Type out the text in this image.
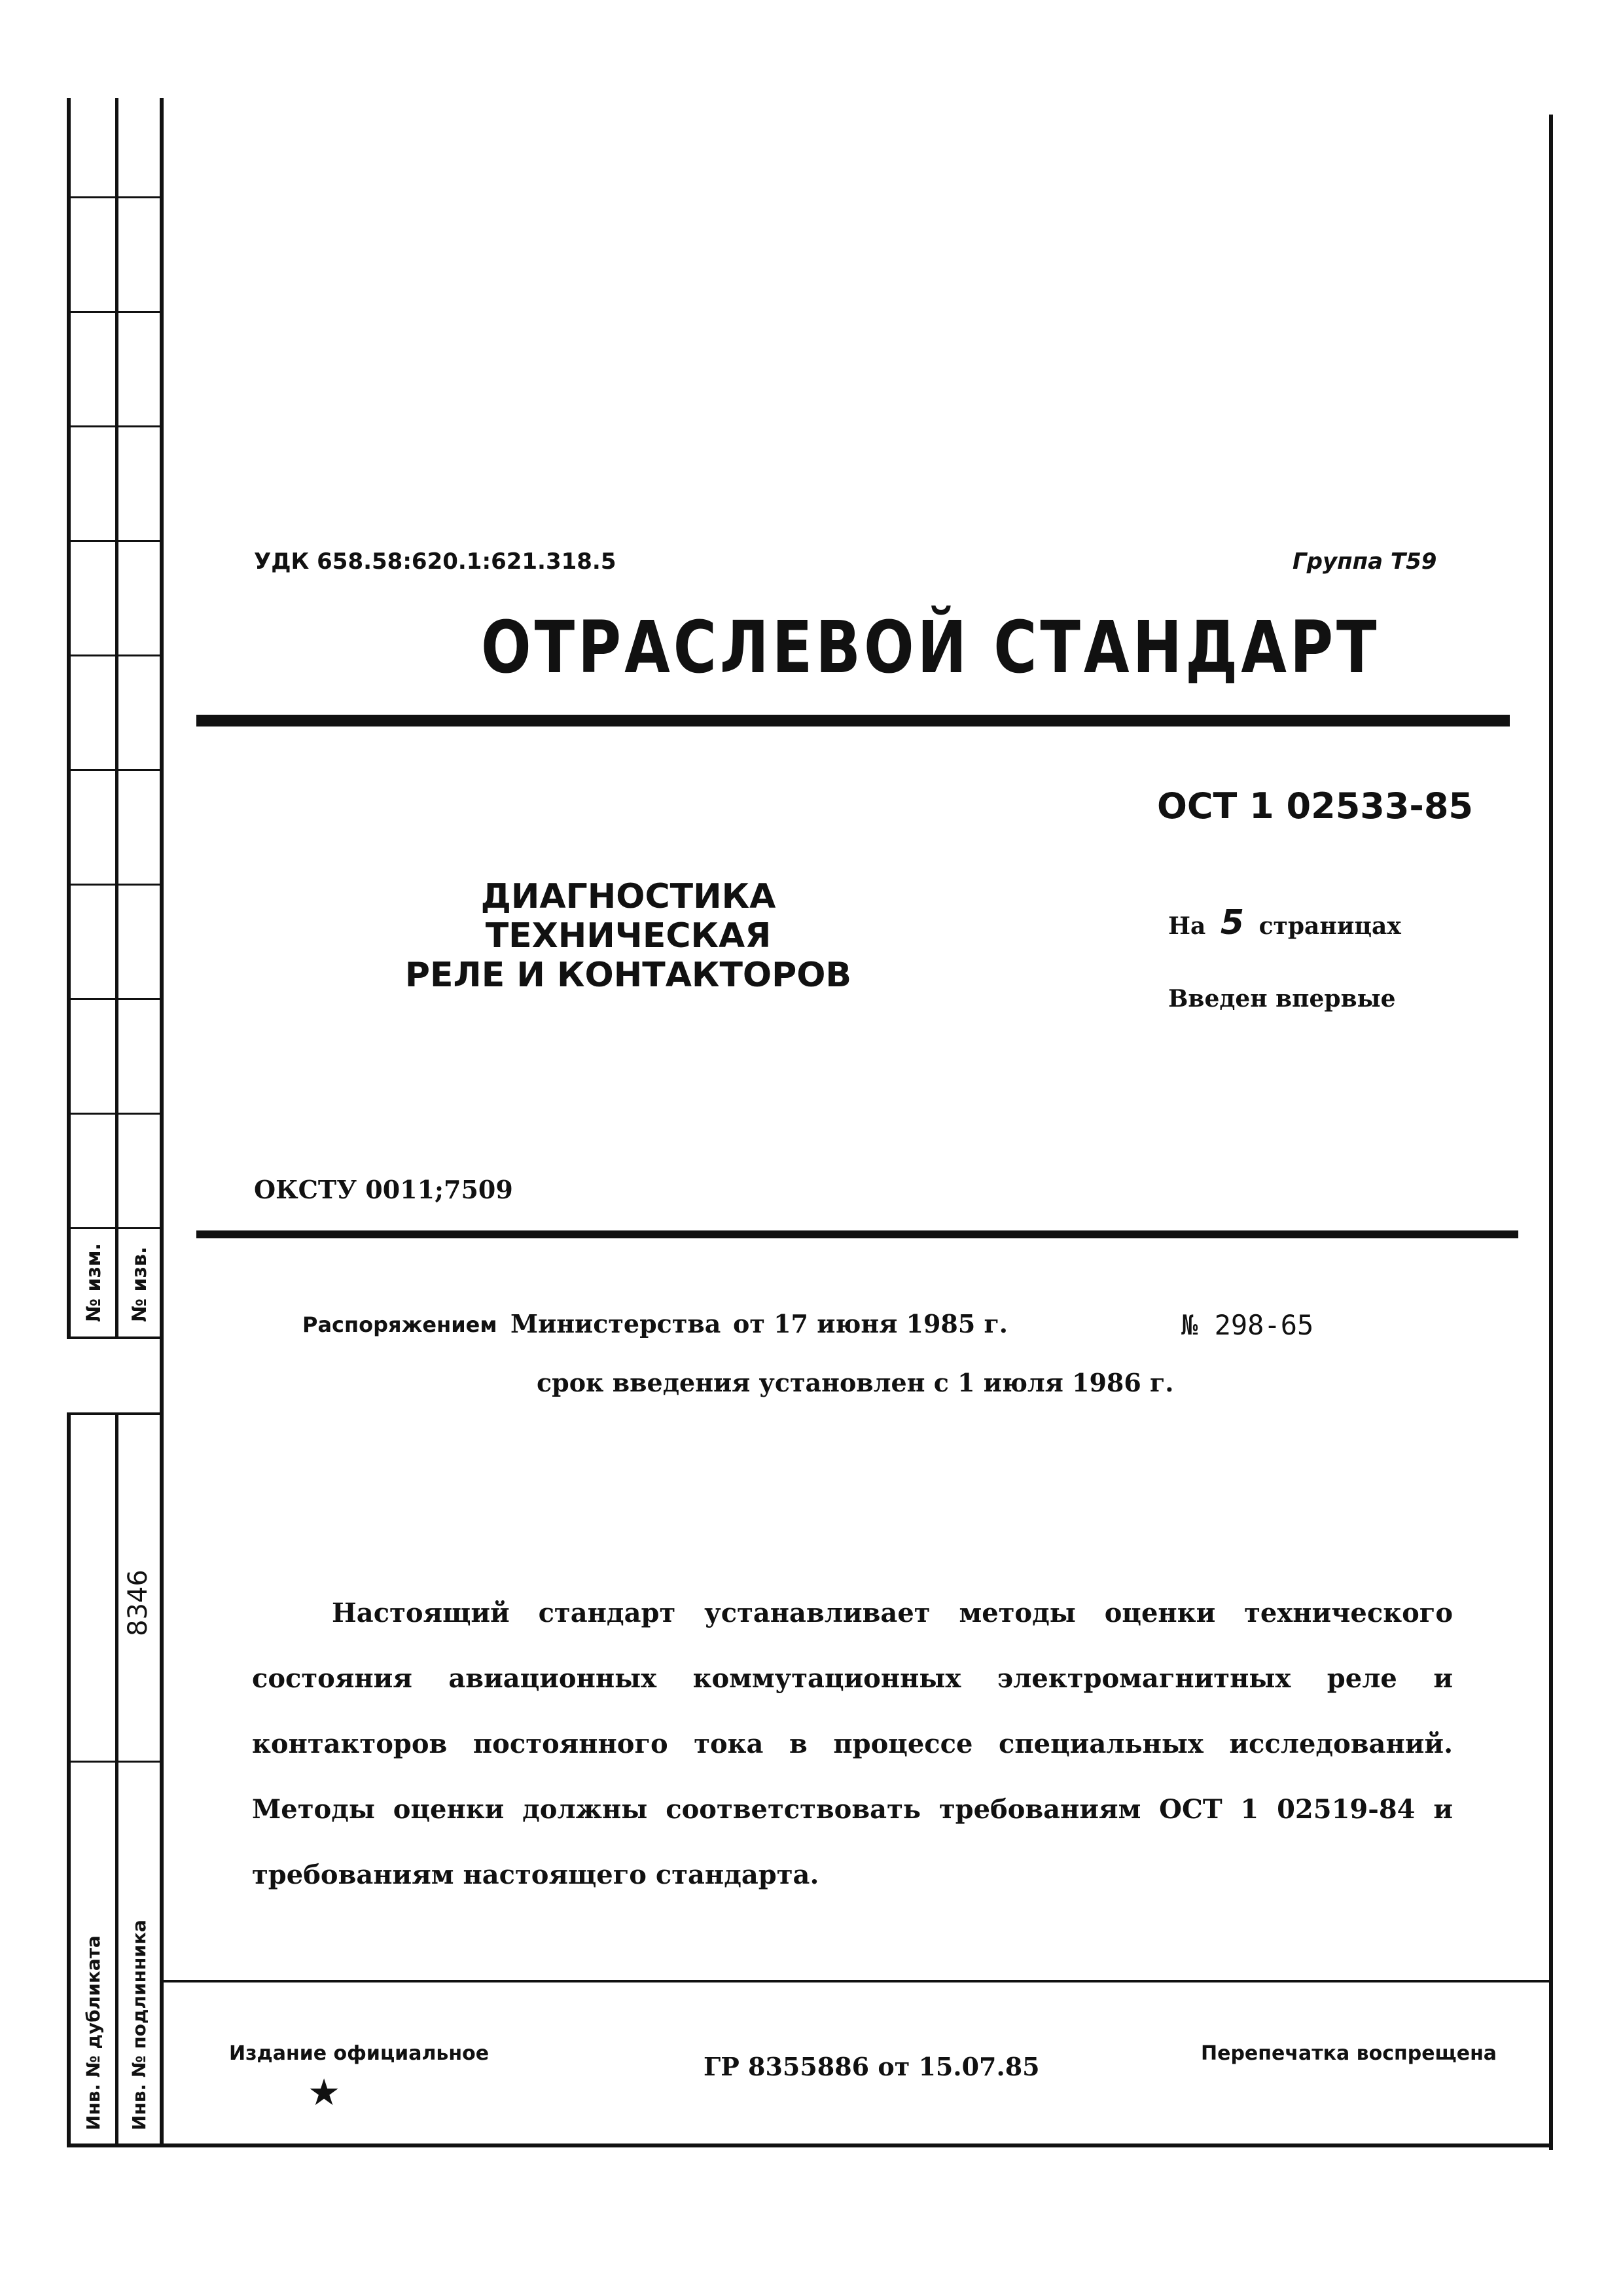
№ изм. № изв.
8346
Инв. № дубликата Инв. № подлинника
УДК 658.58:620.1:621.318.5	Группа Т59
ОТРАСЛЕВОЙ СТАНДАРТ
ОСТ 1 02533-85
ДИАГНОСТИКА ТЕХНИЧЕСКАЯ
РЕЛЕ И КОНТАКТОРОВ
На 5 страницах
Введен впервые
ОКСТУ 0011;7509
Распоряжением Министерства от 17 июня 1985 г.	№ 298-65
срок введения установлен с 1 июля 1986 г.
Настоящий стандарт устанавливает методы оценки технического состояния авиационных коммутационных электромагнитных реле и контакторов постоянного тока в процессе специальных исследований. Методы оценки должны соответствовать требованиям ОСТ 1 02519-84 и требованиям настоящего стандарта.
Издание официальное
★
ГР 8355886 от 15.07.85	Перепечатка воспрещена
